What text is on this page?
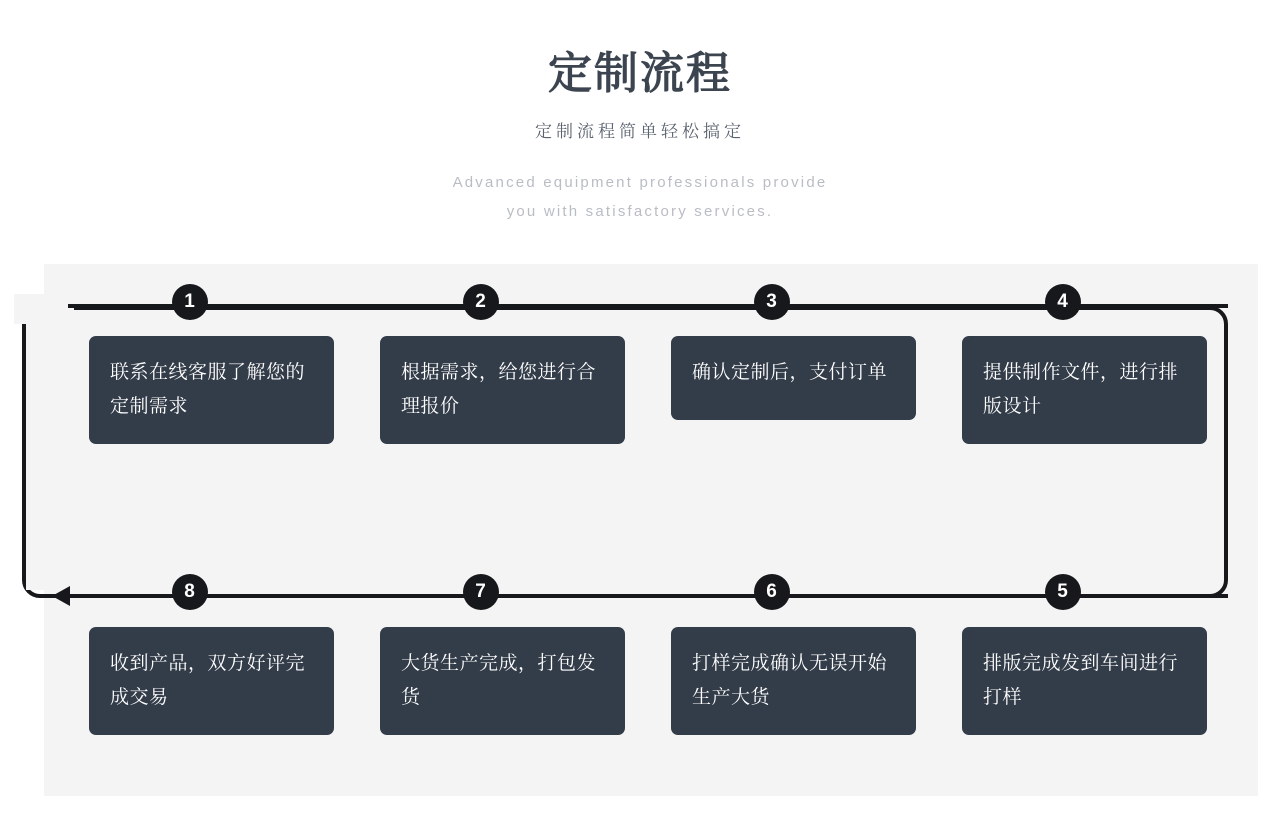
定制流程
定制流程简单轻松搞定
Advanced equipment professionals provide
you with satisfactory services.
1
联系在线客服了解您的定制需求
2
根据需求，给您进行合理报价
3
确认定制后，支付订单
4
提供制作文件，进行排版设计
8
收到产品，双方好评完成交易
7
大货生产完成，打包发货
6
打样完成确认无误开始生产大货
5
排版完成发到车间进行打样
